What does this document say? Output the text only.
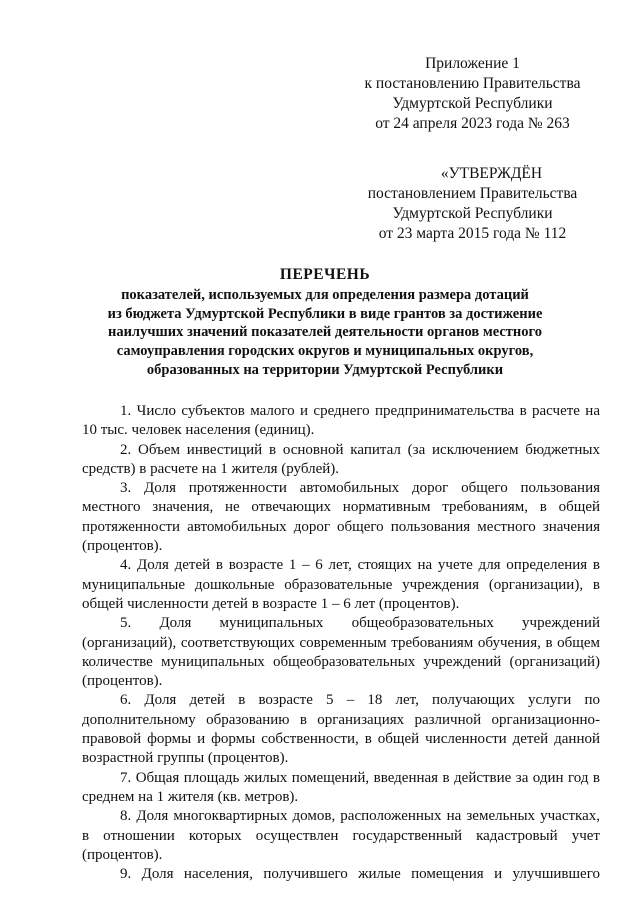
Приложение 1
к постановлению Правительства
Удмуртской Республики
от 24 апреля 2023 года № 263
«УТВЕРЖДЁН
постановлением Правительства
Удмуртской Республики
от 23 марта 2015 года № 112
ПЕРЕЧЕНЬ
показателей, используемых для определения размера дотаций
из бюджета Удмуртской Республики в виде грантов за достижение
наилучших значений показателей деятельности органов местного
самоуправления городских округов и муниципальных округов,
образованных на территории Удмуртской Республики

1. Число субъектов малого и среднего предпринимательства в расчете на 10 тыс. человек населения (единиц).

2. Объем инвестиций в основной капитал (за исключением бюджетных средств) в расчете на 1 жителя (рублей).

3. Доля протяженности автомобильных дорог общего пользования местного значения, не отвечающих нормативным требованиям, в общей протяженности автомобильных дорог общего пользования местного значения (процентов).

4. Доля детей в возрасте 1 – 6 лет, стоящих на учете для определения в муниципальные дошкольные образовательные учреждения (организации), в общей численности детей в возрасте 1 – 6 лет (процентов).

5. Доля муниципальных общеобразовательных учреждений (организаций), соответствующих современным требованиям обучения, в общем количестве муниципальных общеобразовательных учреждений (организаций) (процентов).

6. Доля детей в возрасте 5 – 18 лет, получающих услуги по дополнительному образованию в организациях различной организационно-правовой формы и формы собственности, в общей численности детей данной возрастной группы (процентов).

7. Общая площадь жилых помещений, введенная в действие за один год в среднем на 1 жителя (кв. метров).

8. Доля многоквартирных домов, расположенных на земельных участках, в отношении которых осуществлен государственный кадастровый учет (процентов).

9. Доля населения, получившего жилые помещения и улучшившего
